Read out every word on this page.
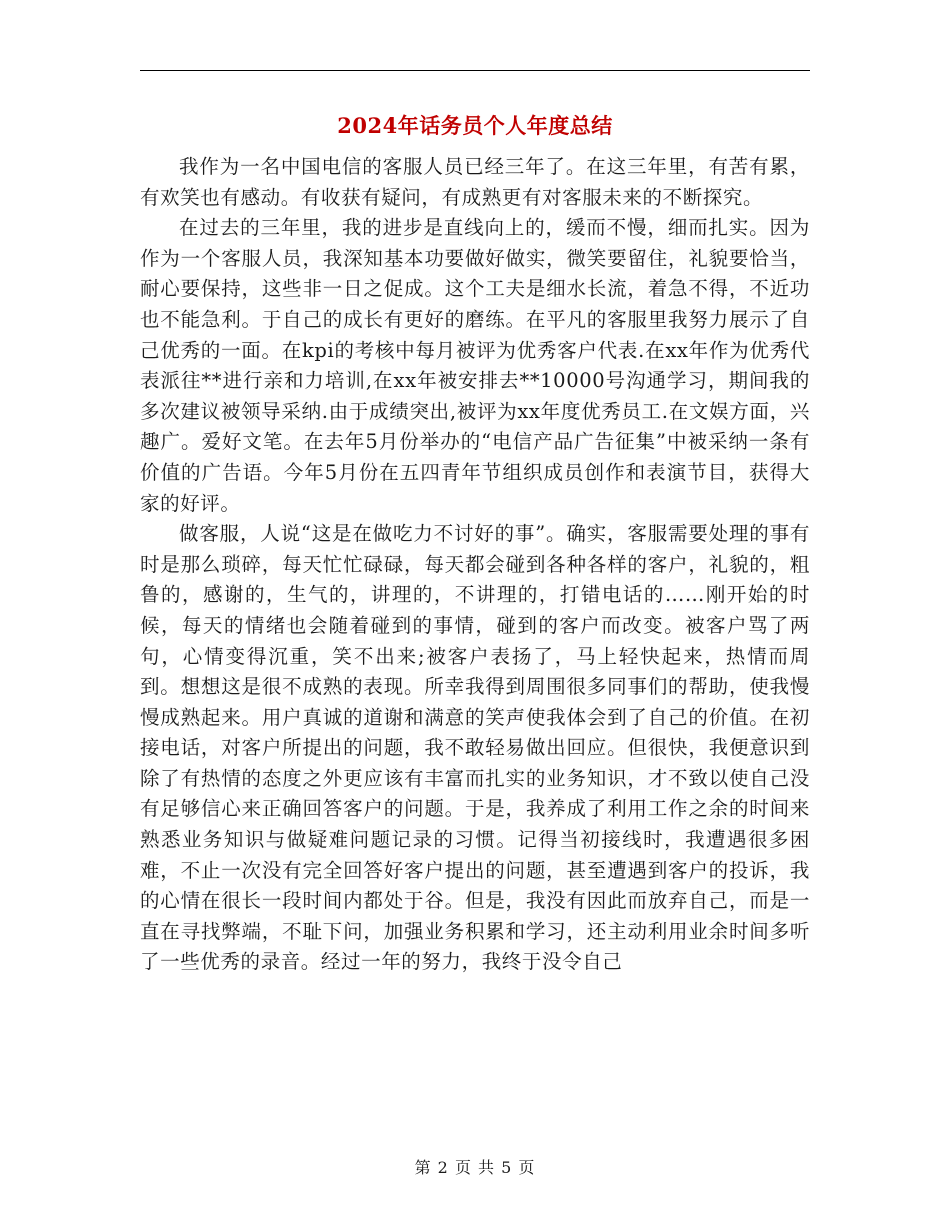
2024年话务员个人年度总结

我作为一名中国电信的客服人员已经三年了。在这三年里，有苦有累，有欢笑也有感动。有收获有疑问，有成熟更有对客服未来的不断探究。

在过去的三年里，我的进步是直线向上的，缓而不慢，细而扎实。因为作为一个客服人员，我深知基本功要做好做实，微笑要留住，礼貌要恰当，耐心要保持，这些非一日之促成。这个工夫是细水长流，着急不得，不近功也不能急利。于自己的成长有更好的磨练。在平凡的客服里我努力展示了自己优秀的一面。在kpi的考核中每月被评为优秀客户代表.在xx年作为优秀代表派往**进行亲和力培训,在xx年被安排去**10000号沟通学习，期间我的多次建议被领导采纳.由于成绩突出,被评为xx年度优秀员工.在文娱方面，兴趣广。爱好文笔。在去年5月份举办的“电信产品广告征集”中被采纳一条有价值的广告语。今年5月份在五四青年节组织成员创作和表演节目，获得大家的好评。

做客服，人说“这是在做吃力不讨好的事”。确实，客服需要处理的事有时是那么琐碎，每天忙忙碌碌，每天都会碰到各种各样的客户，礼貌的，粗鲁的，感谢的，生气的，讲理的，不讲理的，打错电话的……刚开始的时候，每天的情绪也会随着碰到的事情，碰到的客户而改变。被客户骂了两句，心情变得沉重，笑不出来;被客户表扬了，马上轻快起来，热情而周到。想想这是很不成熟的表现。所幸我得到周围很多同事们的帮助，使我慢慢成熟起来。用户真诚的道谢和满意的笑声使我体会到了自己的价值。在初接电话，对客户所提出的问题，我不敢轻易做出回应。但很快，我便意识到除了有热情的态度之外更应该有丰富而扎实的业务知识，才不致以使自己没有足够信心来正确回答客户的问题。于是，我养成了利用工作之余的时间来熟悉业务知识与做疑难问题记录的习惯。记得当初接线时，我遭遇很多困难，不止一次没有完全回答好客户提出的问题，甚至遭遇到客户的投诉，我的心情在很长一段时间内都处于谷。但是，我没有因此而放弃自己，而是一直在寻找弊端，不耻下问，加强业务积累和学习，还主动利用业余时间多听了一些优秀的录音。经过一年的努力，我终于没令自己

第 2 页 共 5 页
